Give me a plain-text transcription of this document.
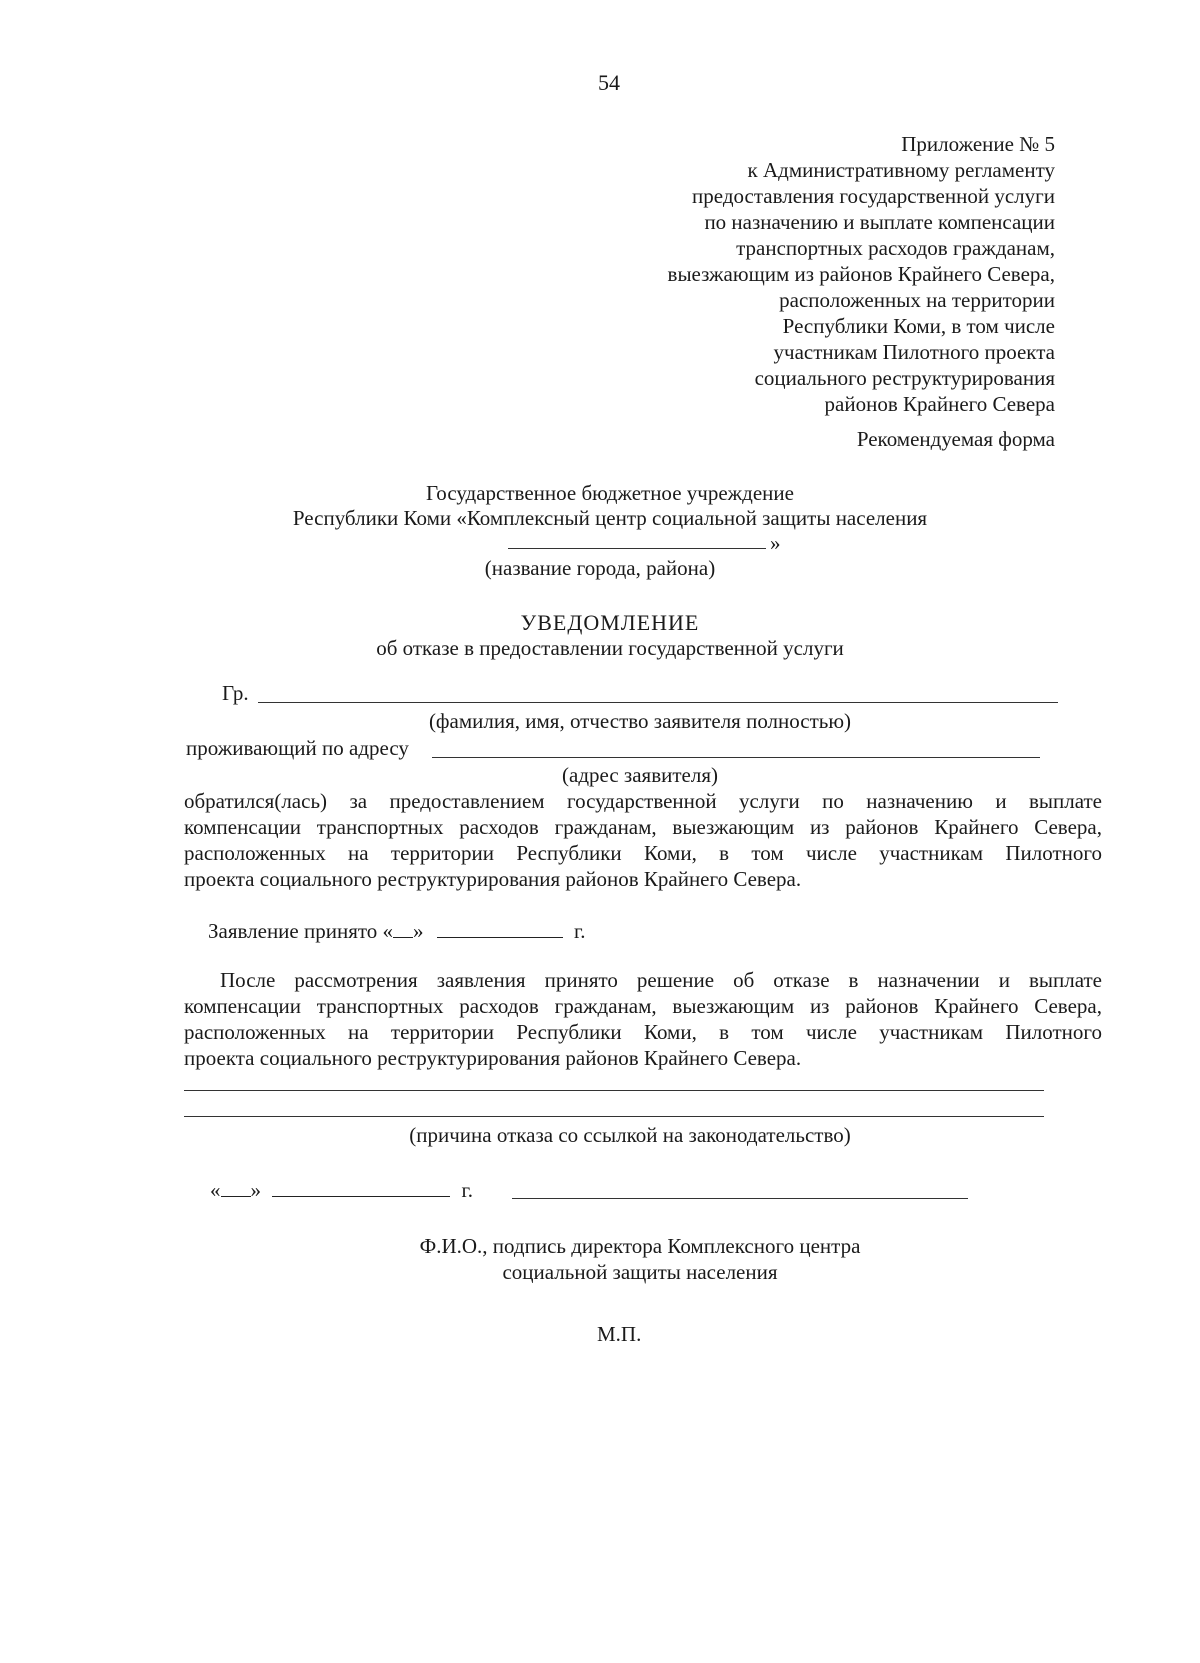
54
Приложение № 5
к Административному регламенту
предоставления государственной услуги
по назначению и выплате компенсации
транспортных расходов гражданам,
выезжающим из районов Крайнего Севера,
расположенных на территории
Республики Коми, в том числе
участникам Пилотного проекта
социального реструктурирования
районов Крайнего Севера
Рекомендуемая форма
Государственное бюджетное учреждение
Республики Коми «Комплексный центр социальной защиты населения
»
(название города, района)
УВЕДОМЛЕНИЕ
об отказе в предоставлении государственной услуги
Гр.
(фамилия, имя, отчество заявителя полностью)
проживающий по адресу
(адрес заявителя)
обратился(лась) за предоставлением государственной услуги по назначению и выплате
компенсации транспортных расходов гражданам, выезжающим из районов Крайнего Севера,
расположенных на территории Республики Коми, в том числе участникам Пилотного
проекта социального реструктурирования районов Крайнего Севера.
Заявление принято « »	г.
После рассмотрения заявления принято решение об отказе в назначении и выплате
компенсации транспортных расходов гражданам, выезжающим из районов Крайнего Севера,
расположенных на территории Республики Коми, в том числе участникам Пилотного
проекта социального реструктурирования районов Крайнего Севера.
(причина отказа со ссылкой на законодательство)
« »	г.
Ф.И.О., подпись директора Комплексного центра
социальной защиты населения
М.П.
